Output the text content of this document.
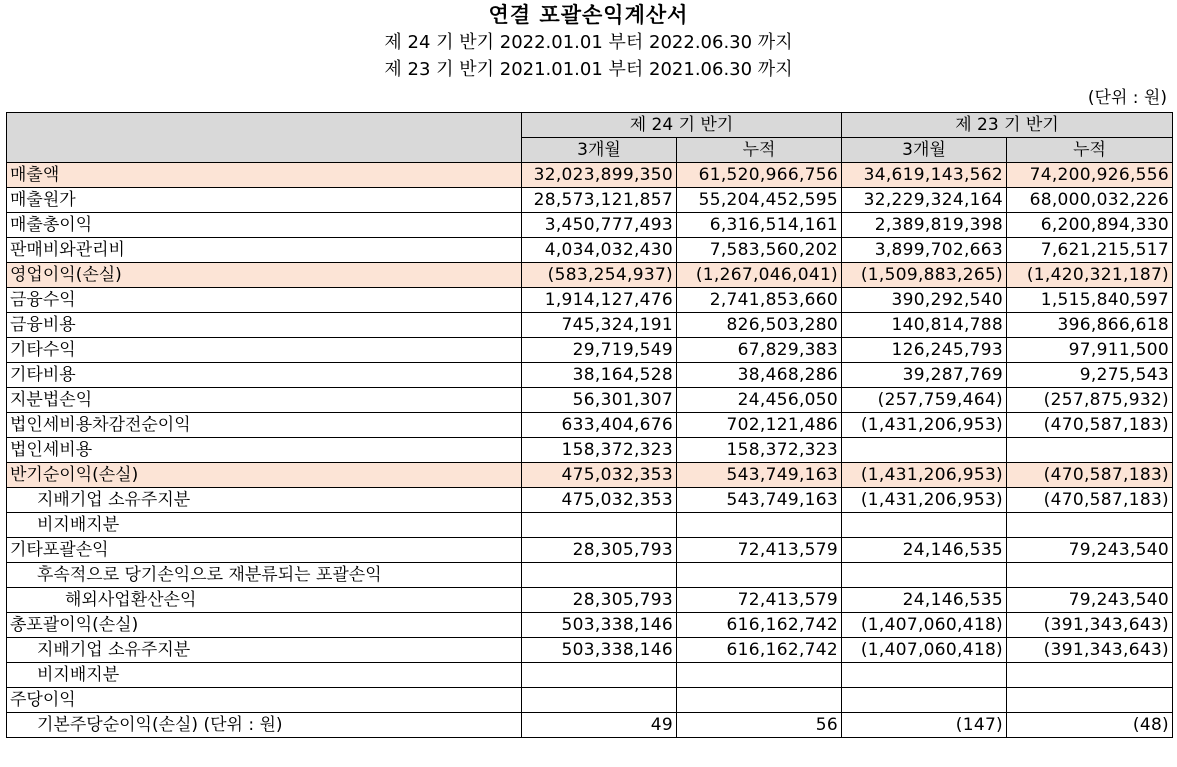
연결 포괄손익계산서
제 24 기 반기 2022.01.01 부터 2022.06.30 까지
제 23 기 반기 2021.01.01 부터 2021.06.30 까지
(단위 : 원)
	제 24 기 반기		제 23 기 반기	
	3개월	누적	3개월	누적
매출액	32,023,899,350	61,520,966,756	34,619,143,562	74,200,926,556
매출원가	28,573,121,857	55,204,452,595	32,229,324,164	68,000,032,226
매출총이익	3,450,777,493	6,316,514,161	2,389,819,398	6,200,894,330
판매비와관리비	4,034,032,430	7,583,560,202	3,899,702,663	7,621,215,517
영업이익(손실)	(583,254,937)	(1,267,046,041)	(1,509,883,265)	(1,420,321,187)
금융수익	1,914,127,476	2,741,853,660	390,292,540	1,515,840,597
금융비용	745,324,191	826,503,280	140,814,788	396,866,618
기타수익	29,719,549	67,829,383	126,245,793	97,911,500
기타비용	38,164,528	38,468,286	39,287,769	9,275,543
지분법손익	56,301,307	24,456,050	(257,759,464)	(257,875,932)
법인세비용차감전순이익	633,404,676	702,121,486	(1,431,206,953)	(470,587,183)
법인세비용	158,372,323	158,372,323		
반기순이익(손실)	475,032,353	543,749,163	(1,431,206,953)	(470,587,183)
지배기업 소유주지분	475,032,353	543,749,163	(1,431,206,953)	(470,587,183)
비지배지분				
기타포괄손익	28,305,793	72,413,579	24,146,535	79,243,540
후속적으로 당기손익으로 재분류되는 포괄손익				
해외사업환산손익	28,305,793	72,413,579	24,146,535	79,243,540
총포괄이익(손실)	503,338,146	616,162,742	(1,407,060,418)	(391,343,643)
지배기업 소유주지분	503,338,146	616,162,742	(1,407,060,418)	(391,343,643)
비지배지분				
주당이익				
기본주당순이익(손실) (단위 : 원)	49	56	(147)	(48)
